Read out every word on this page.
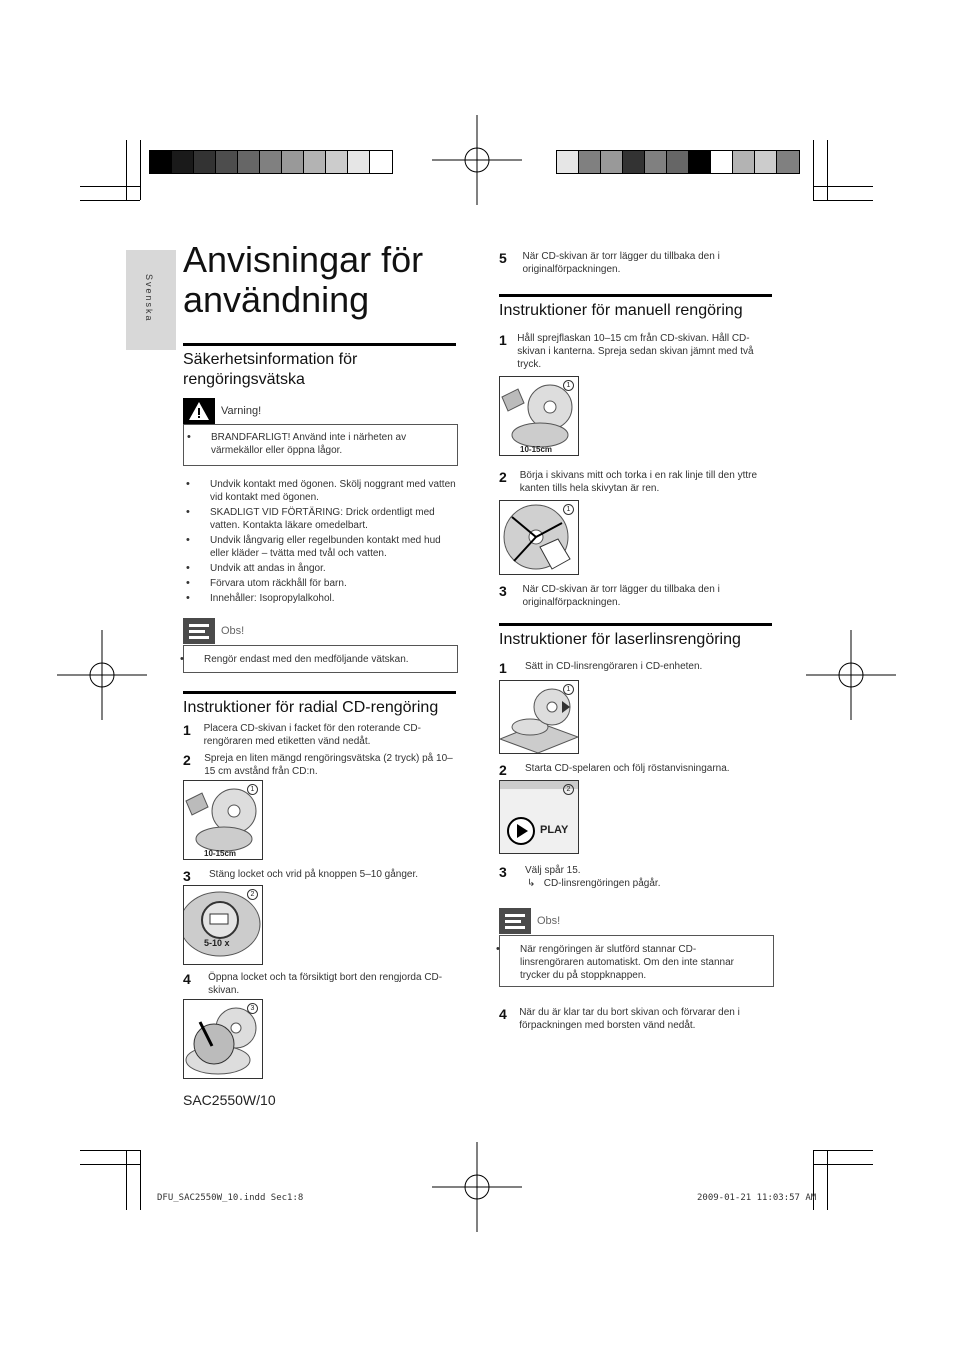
Svenska
Anvisningar för användning
Säkerhetsinformation för rengöringsvätska
Varning!
• BRANDFARLIGT! Använd inte i närheten av värmekällor eller öppna lågor.
• Undvik kontakt med ögonen. Skölj noggrant med vatten vid kontakt med ögonen.
• SKADLIGT VID FÖRTÄRING: Drick ordentligt med vatten. Kontakta läkare omedelbart.
• Undvik långvarig eller regelbunden kontakt med hud eller kläder – tvätta med tvål och vatten.
• Undvik att andas in ångor.
• Förvara utom räckhåll för barn.
• Innehåller: Isopropylalkohol.
Obs!
• Rengör endast med den medföljande vätskan.
Instruktioner för radial CD-rengöring
1 Placera CD-skivan i facket för den roterande CD-rengöraren med etiketten vänd nedåt.
2	Spreja en liten mängd rengöringsvätska (2 tryck) på 10–15 cm avstånd från CD:n.
1
10-15cm
3	Stäng locket och vrid på knoppen 5–10 gånger.
2
5-10 x
4	Öppna locket och ta försiktigt bort den rengjorda CD-skivan.
3
SAC2550W/10
5	När CD-skivan är torr lägger du tillbaka den i originalförpackningen.
Instruktioner för manuell rengöring
1 Håll sprejflaskan 10–15 cm från CD-skivan. Håll CD-skivan i kanterna. Spreja sedan skivan jämnt med två tryck.
1
10-15cm
2 Börja i skivans mitt och torka i en rak linje till den yttre kanten tills hela skivytan är ren.
1
3	När CD-skivan är torr lägger du tillbaka den i originalförpackningen.
Instruktioner för laserlinsrengöring
1	Sätt in CD-linsrengöraren i CD-enheten.
1
2	Starta CD-spelaren och följ röstanvisningarna.
PLAY
2
3	Välj spår 15.
↳ CD-linsrengöringen pågår.
Obs!
• När rengöringen är slutförd stannar CD-linsrengöraren automatiskt. Om den inte stannar trycker du på stoppknappen.
4 När du är klar tar du bort skivan och förvarar den i förpackningen med borsten vänd nedåt.
DFU_SAC2550W_10.indd Sec1:8	2009-01-21 11:03:57 AM
